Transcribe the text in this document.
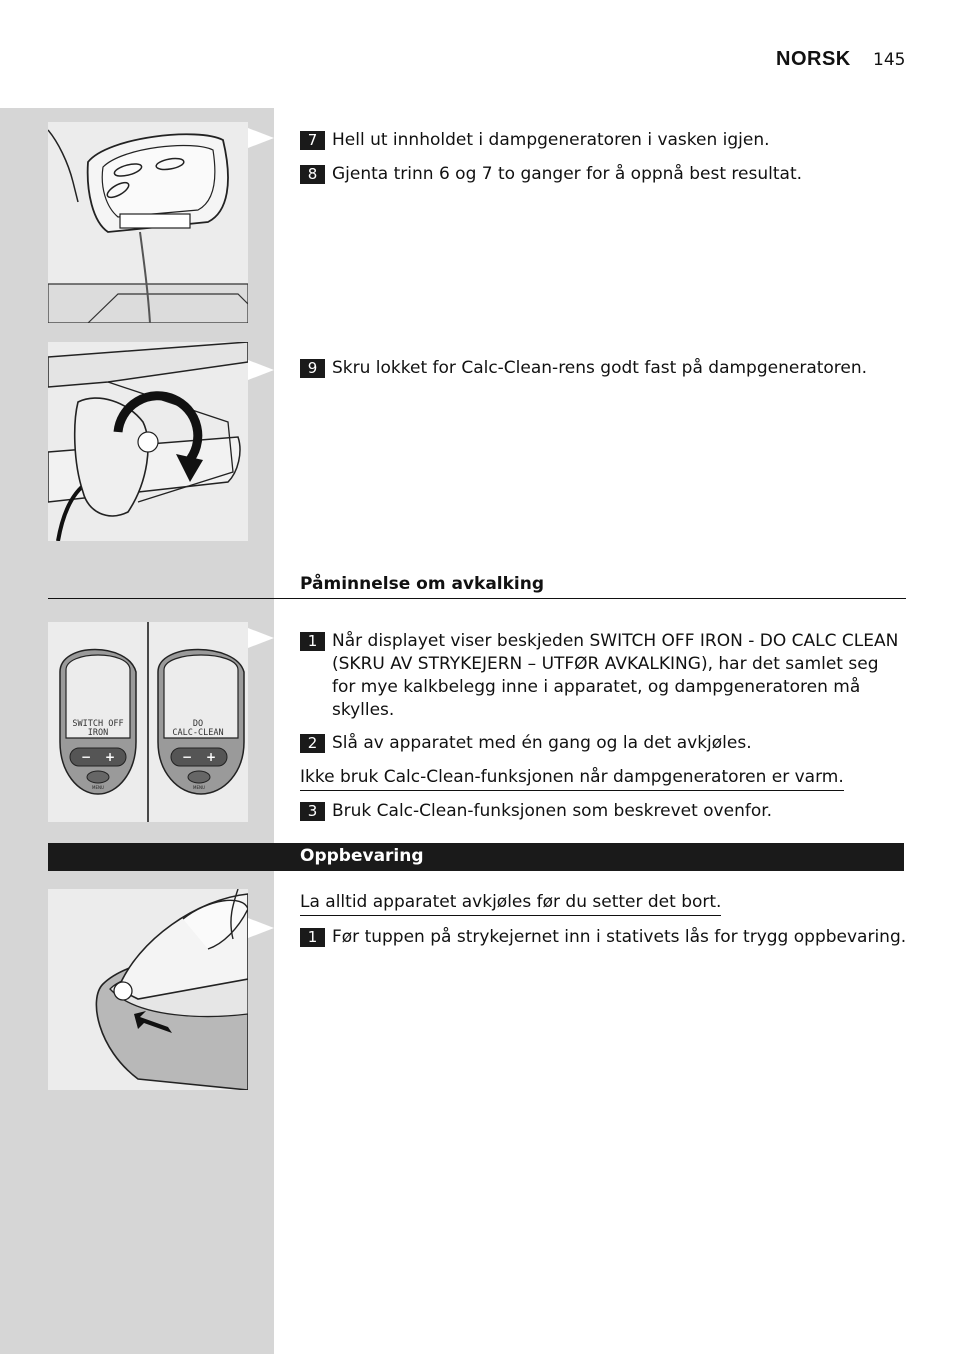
NORSK 145
SWITCH OFF
IRON
− +
MENU
DO
CALC-CLEAN
− +
MENU
7 Hell ut innholdet i dampgeneratoren i vasken igjen.
8 Gjenta trinn 6 og 7 to ganger for å oppnå best resultat.
9 Skru lokket for Calc-Clean-rens godt fast på dampgeneratoren.
Påminnelse om avkalking
1 Når displayet viser beskjeden SWITCH OFF IRON - DO CALC CLEAN (SKRU AV STRYKEJERN – UTFØR AVKALKING), har det samlet seg for mye kalkbelegg inne i apparatet, og dampgeneratoren må skylles.
2 Slå av apparatet med én gang og la det avkjøles.
Ikke bruk Calc-Clean-funksjonen når dampgeneratoren er varm.
3 Bruk Calc-Clean-funksjonen som beskrevet ovenfor.
Oppbevaring
La alltid apparatet avkjøles før du setter det bort.
1 Før tuppen på strykejernet inn i stativets lås for trygg oppbevaring.
